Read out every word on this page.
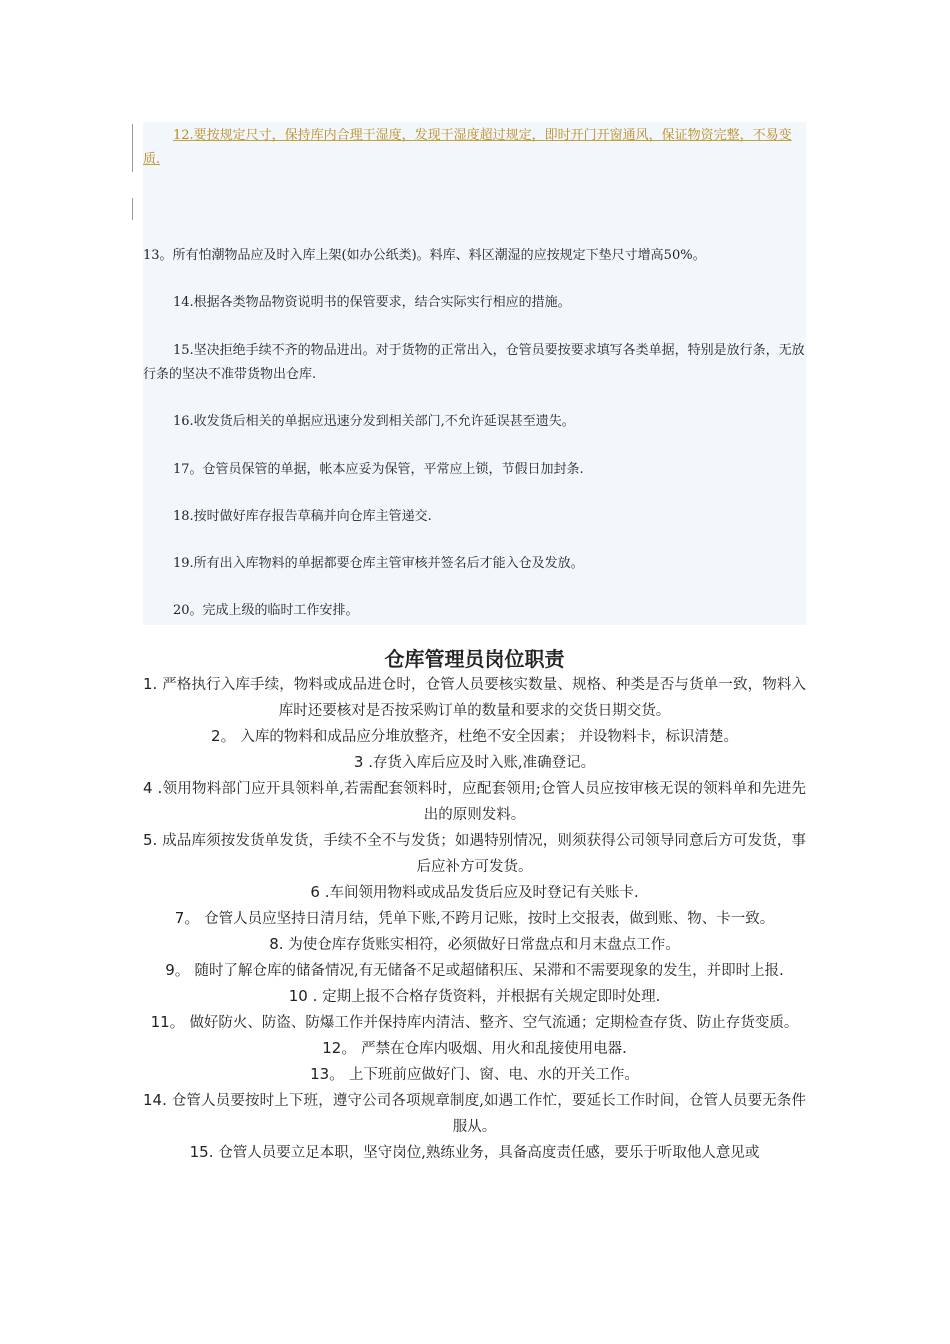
12.要按规定尺寸，保持库内合理干湿度，发现干湿度超过规定，即时开门开窗通风，保证物资完整，不易变质.

13。所有怕潮物品应及时入库上架(如办公纸类)。料库、料区潮湿的应按规定下垫尺寸增高50%。

14.根据各类物品物资说明书的保管要求，结合实际实行相应的措施。

15.坚决拒绝手续不齐的物品进出。对于货物的正常出入，仓管员要按要求填写各类单据，特别是放行条，无放行条的坚决不准带货物出仓库.

16.收发货后相关的单据应迅速分发到相关部门,不允许延误甚至遗失。

17。仓管员保管的单据，帐本应妥为保管，平常应上锁，节假日加封条.

18.按时做好库存报告草稿并向仓库主管递交.

19.所有出入库物料的单据都要仓库主管审核并签名后才能入仓及发放。

20。完成上级的临时工作安排。

仓库管理员岗位职责

1. 严格执行入库手续，物料或成品进仓时，仓管人员要核实数量、规格、种类是否与货单一致，物料入库时还要核对是否按采购订单的数量和要求的交货日期交货。

2。 入库的物料和成品应分堆放整齐，杜绝不安全因素； 并设物料卡，标识清楚。

3 .存货入库后应及时入账,准确登记。

4 .领用物料部门应开具领料单,若需配套领料时，应配套领用;仓管人员应按审核无误的领料单和先进先出的原则发料。

5. 成品库须按发货单发货，手续不全不与发货；如遇特别情况，则须获得公司领导同意后方可发货，事后应补方可发货。

6 .车间领用物料或成品发货后应及时登记有关账卡.

7。 仓管人员应坚持日清月结，凭单下账,不跨月记账，按时上交报表，做到账、物、卡一致。

8. 为使仓库存货账实相符，必须做好日常盘点和月末盘点工作。

9。 随时了解仓库的储备情况,有无储备不足或超储积压、呆滞和不需要现象的发生，并即时上报.

10 . 定期上报不合格存货资料，并根据有关规定即时处理.

11。 做好防火、防盗、防爆工作并保持库内清洁、整齐、空气流通；定期检查存货、防止存货变质。

12。 严禁在仓库内吸烟、用火和乱接使用电器.

13。 上下班前应做好门、窗、电、水的开关工作。

14. 仓管人员要按时上下班，遵守公司各项规章制度,如遇工作忙，要延长工作时间，仓管人员要无条件服从。

15. 仓管人员要立足本职，坚守岗位,熟练业务，具备高度责任感，要乐于听取他人意见或
